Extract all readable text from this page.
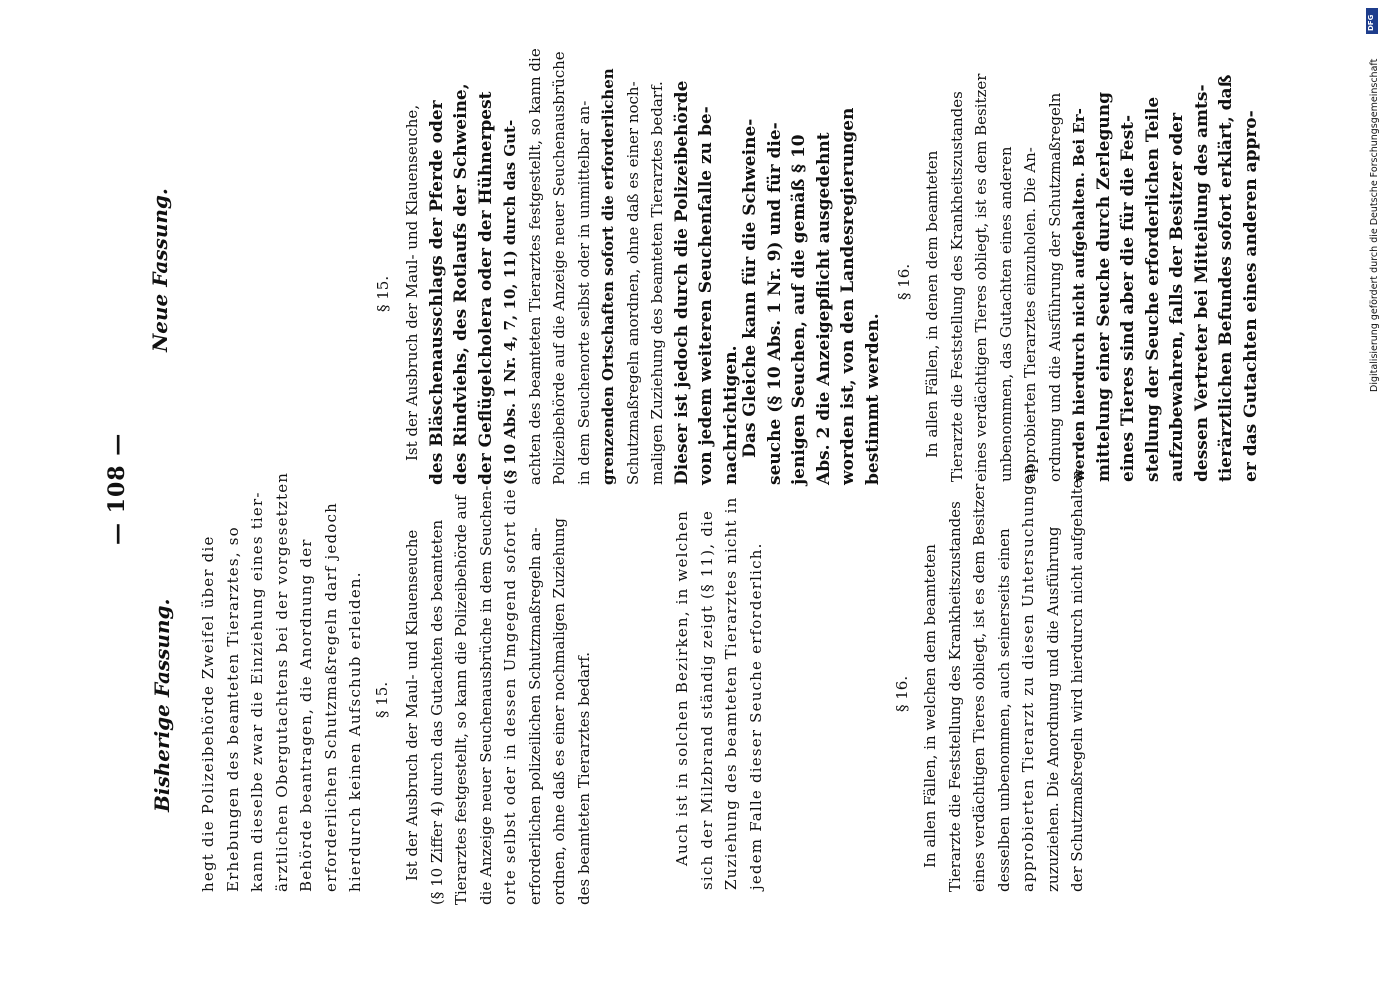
— 108 —
Bisherige Fassung.
Neue Fassung.

hegt die Polizeibehörde Zweifel über die Erhebungen des beamteten Tierarztes, so kann dieselbe zwar die Einziehung eines tier- ärztlichen Obergutachtens bei der vorgesetzten Behörde beantragen, die Anordnung der erforderlichen Schutzmaßregeln darf jedoch hierdurch keinen Aufschub erleiden. § 15. Ist der Ausbruch der Maul- und Klauenseuche (§ 10 Ziffer 4) durch das Gutachten des beamteten Tierarztes festgestellt, so kann die Polizeibehörde auf die Anzeige neuer Seuchenausbrüche in dem Seuchen- orte selbst oder in dessen Umgegend sofort die erforderlichen polizeilichen Schutzmaßregeln an- ordnen, ohne daß es einer nochmaligen Zuziehung des beamteten Tierarztes bedarf.	Auch ist in solchen Bezirken, in welchen sich der Milzbrand ständig zeigt (§ 11), die Zuziehung des beamteten Tierarztes nicht in jedem Falle dieser Seuche erforderlich.	§ 16. In allen Fällen, in welchen dem beamteten Tierarzte die Feststellung des Krankheitszustandes eines verdächtigen Tieres obliegt, ist es dem Besitzer desselben unbenommen, auch seinerseits einen approbierten Tierarzt zu diesen Untersuchungen zuzuziehen. Die Anordnung und die Ausführung der Schutzmaßregeln wird hierdurch nicht aufgehalten.

§ 15. Ist der Ausbruch der Maul- und Klauenseuche, des Bläschenausschlags der Pferde oder des Rindviehs, des Rotlaufs der Schweine, der Geflügelcholera oder der Hühnerpest (§ 10 Abs. 1 Nr. 4, 7, 10, 11) durch das Gut- achten des beamteten Tierarztes festgestellt, so kann die Polizeibehörde auf die Anzeige neuer Seuchenausbrüche in dem Seuchenorte selbst oder in unmittelbar an- grenzenden Ortschaften sofort die erforderlichen Schutzmaßregeln anordnen, ohne daß es einer noch- maligen Zuziehung des beamteten Tierarztes bedarf. Dieser ist jedoch durch die Polizeibehörde von jedem weiteren Seuchenfalle zu be- nachrichtigen. Das Gleiche kann für die Schweine- seuche (§ 10 Abs. 1 Nr. 9) und für die- jenigen Seuchen, auf die gemäß § 10 Abs. 2 die Anzeigepflicht ausgedehnt worden ist, von den Landesregierungen bestimmt werden.

§ 16. In allen Fällen, in denen dem beamteten Tierarzte die Feststellung des Krankheitszustandes eines verdächtigen Tieres obliegt, ist es dem Besitzer unbenommen, das Gutachten eines anderen approbierten Tierarztes einzuholen. Die An- ordnung und die Ausführung der Schutzmaßregeln werden hierdurch nicht aufgehalten. Bei Er- mittelung einer Seuche durch Zerlegung eines Tieres sind aber die für die Fest- stellung der Seuche erforderlichen Teile aufzubewahren, falls der Besitzer oder dessen Vertreter bei Mitteilung des amts- tierärztlichen Befundes sofort erklärt, daß er das Gutachten eines anderen appro-

DFG
Digitalisierung gefördert durch die Deutsche Forschungsgemeinschaft
